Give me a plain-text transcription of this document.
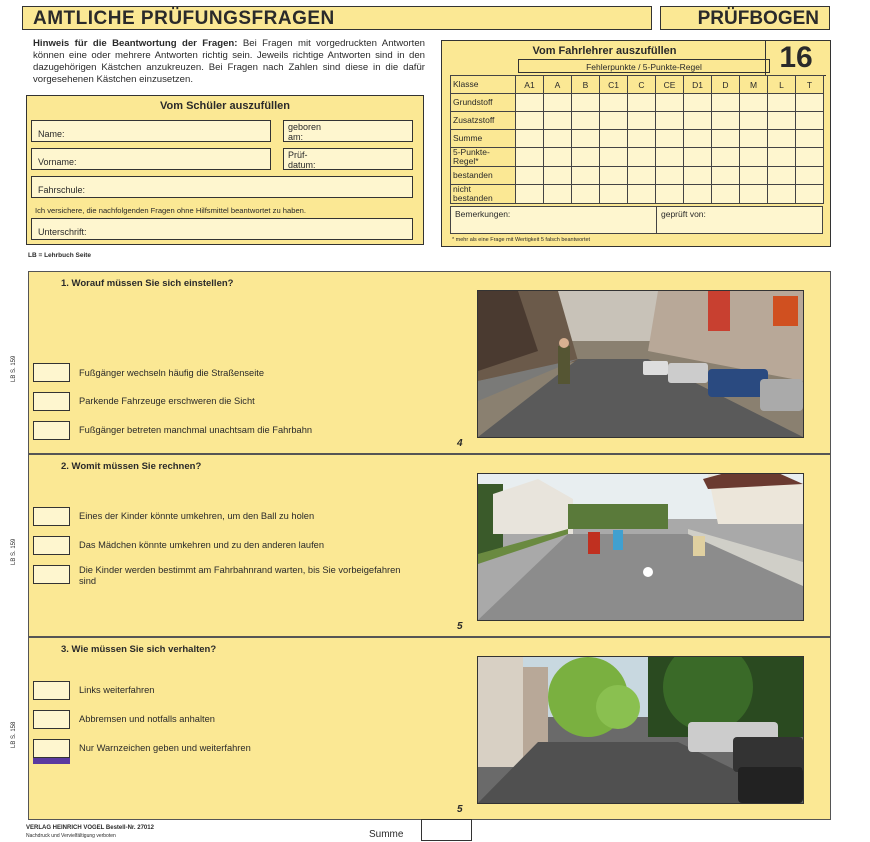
AMTLICHE PRÜFUNGSFRAGEN	PRÜFBOGEN
Hinweis für die Beantwortung der Fragen: Bei Fragen mit vorgedruckten Antworten können eine oder mehrere Antworten richtig sein. Jeweils richtige Antworten sind in den dazugehörigen Kästchen anzukreuzen. Bei Fragen nach Zahlen sind diese in die dafür vorgesehenen Kästchen einzusetzen.
Vom Schüler auszufüllen
Name:
geboren am:
Vorname:
Prüf-datum:
Fahrschule:
Ich versichere, die nachfolgenden Fragen ohne Hilfsmittel beantwortet zu haben.
Unterschrift:
Vom Fahrlehrer auszufüllen	16
Fehlerpunkte / 5-Punkte-Regel
Klasse	A1	A	B	C1	C	CE	D1	D	M	L	T
Grundstoff											
Zusatzstoff											
Summe											
5-Punkte-Regel*											
bestanden											
nicht bestanden											
Bemerkungen:	geprüft von:
* mehr als eine Frage mit Wertigkeit 5 falsch beantwortet
LB = Lehrbuch Seite
LB S. 159
1. Worauf müssen Sie sich einstellen?
Fußgänger wechseln häufig die Straßenseite
Parkende Fahrzeuge erschweren die Sicht
Fußgänger betreten manchmal unachtsam die Fahrbahn
4
LB S. 159
2. Womit müssen Sie rechnen?
Eines der Kinder könnte umkehren, um den Ball zu holen
Das Mädchen könnte umkehren und zu den anderen laufen
Die Kinder werden bestimmt am Fahrbahnrand warten, bis Sie vorbeigefahren sind
5
LB S. 158
3. Wie müssen Sie sich verhalten?
Links weiterfahren
Abbremsen und notfalls anhalten
Nur Warnzeichen geben und weiterfahren
5
VERLAG HEINRICH VOGEL Bestell-Nr. 27012
Nachdruck und Vervielfältigung verboten	Summe
